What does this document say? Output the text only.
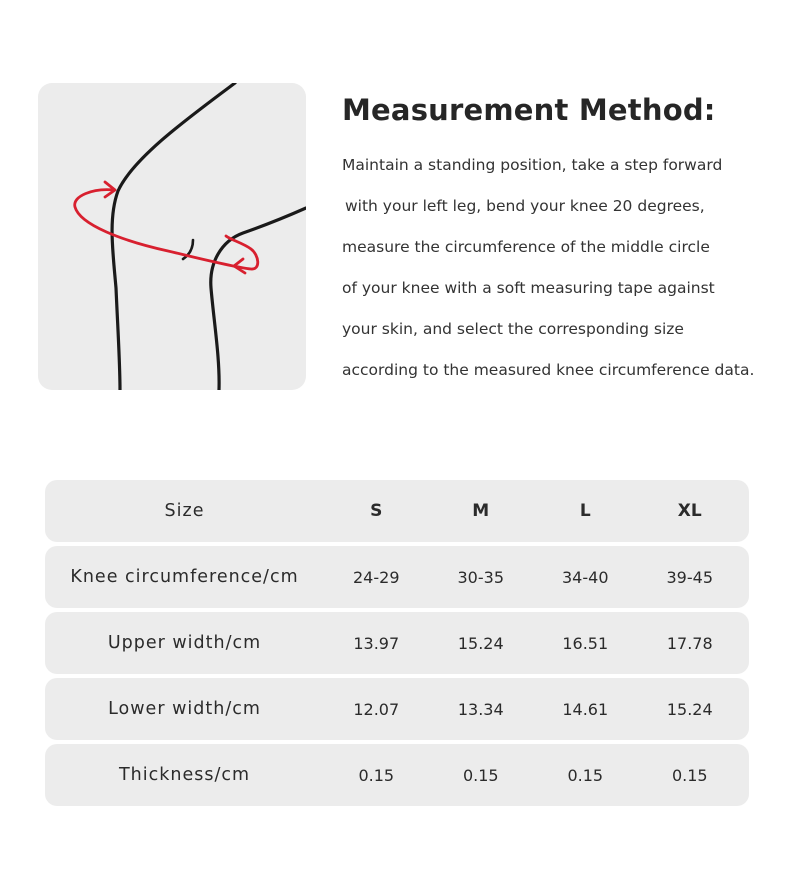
Measurement Method:
Maintain a standing position, take a step forward
with your left leg, bend your knee 20 degrees,
measure the circumference of the middle circle
of your knee with a soft measuring tape against
your skin, and select the corresponding size
according to the measured knee circumference data.
Size	S	M	L	XL
Knee circumference/cm	24-29	30-35	34-40	39-45
Upper width/cm	13.97	15.24	16.51	17.78
Lower width/cm	12.07	13.34	14.61	15.24
Thickness/cm	0.15	0.15	0.15	0.15
